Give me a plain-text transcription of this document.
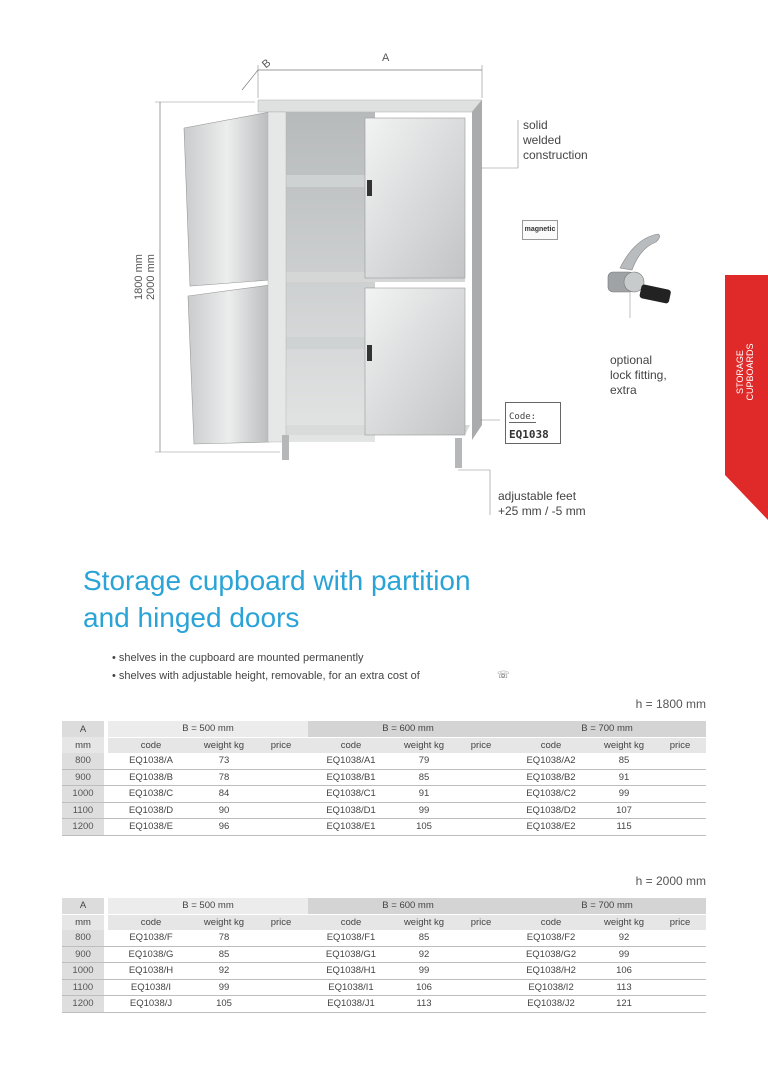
A
B
1800 mm
2000 mm
solid
welded
construction
magnetic
optional
lock fitting,
extra
Code:
EQ1038
adjustable feet
+25 mm / -5 mm
STORAGE
CUPBOARDS
Storage cupboard with partition
and hinged doors
• shelves in the cupboard are mounted permanently
• shelves with adjustable height, removable, for an extra cost of	☏
h = 1800 mm
A		B = 500 mm			B = 600 mm			B = 700 mm		
mm		code	weight kg	price	code	weight kg	price	code	weight kg	price
800		EQ1038/A	73		EQ1038/A1	79		EQ1038/A2	85	
900		EQ1038/B	78		EQ1038/B1	85		EQ1038/B2	91	
1000		EQ1038/C	84		EQ1038/C1	91		EQ1038/C2	99	
1100		EQ1038/D	90		EQ1038/D1	99		EQ1038/D2	107	
1200		EQ1038/E	96		EQ1038/E1	105		EQ1038/E2	115	
h = 2000 mm
A		B = 500 mm			B = 600 mm			B = 700 mm		
mm		code	weight kg	price	code	weight kg	price	code	weight kg	price
800		EQ1038/F	78		EQ1038/F1	85		EQ1038/F2	92	
900		EQ1038/G	85		EQ1038/G1	92		EQ1038/G2	99	
1000		EQ1038/H	92		EQ1038/H1	99		EQ1038/H2	106	
1100		EQ1038/I	99		EQ1038/I1	106		EQ1038/I2	113	
1200		EQ1038/J	105		EQ1038/J1	113		EQ1038/J2	121	
